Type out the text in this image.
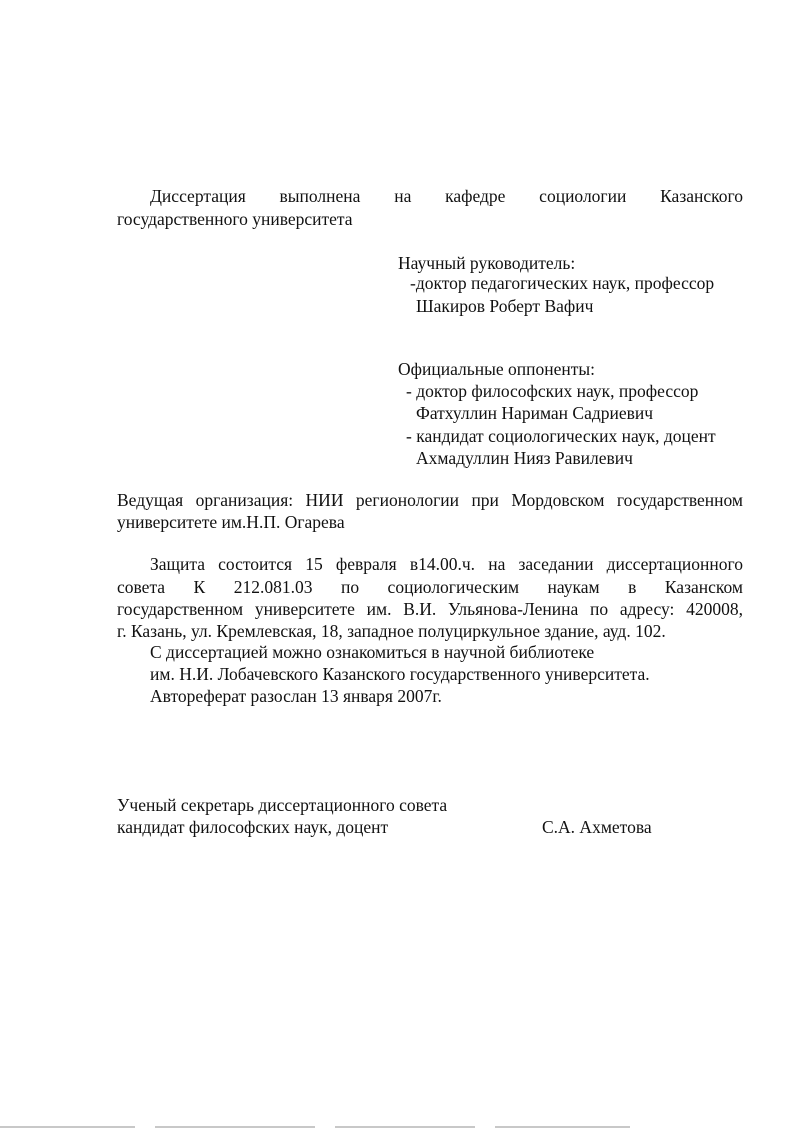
Диссертация выполнена на кафедре социологии Казанского
государственного университета
Научный руководитель:
-доктор педагогических наук, профессор
Шакиров Роберт Вафич
Официальные оппоненты:
- доктор философских наук, профессор
Фатхуллин Нариман Садриевич
- кандидат социологических наук, доцент
Ахмадуллин Нияз Равилевич
Ведущая организация: НИИ регионологии при Мордовском государственном
университете им.Н.П. Огарева
Защита состоится 15 февраля в14.00.ч. на заседании диссертационного
совета К 212.081.03 по социологическим наукам в Казанском
государственном университете им. В.И. Ульянова-Ленина по адресу: 420008,
г. Казань, ул. Кремлевская, 18, западное полуциркульное здание, ауд. 102.
С диссертацией можно ознакомиться в научной библиотеке
им. Н.И. Лобачевского Казанского государственного университета.
Автореферат разослан 13 января 2007г.
Ученый секретарь диссертационного совета
кандидат философских наук, доцент	С.А. Ахметова
